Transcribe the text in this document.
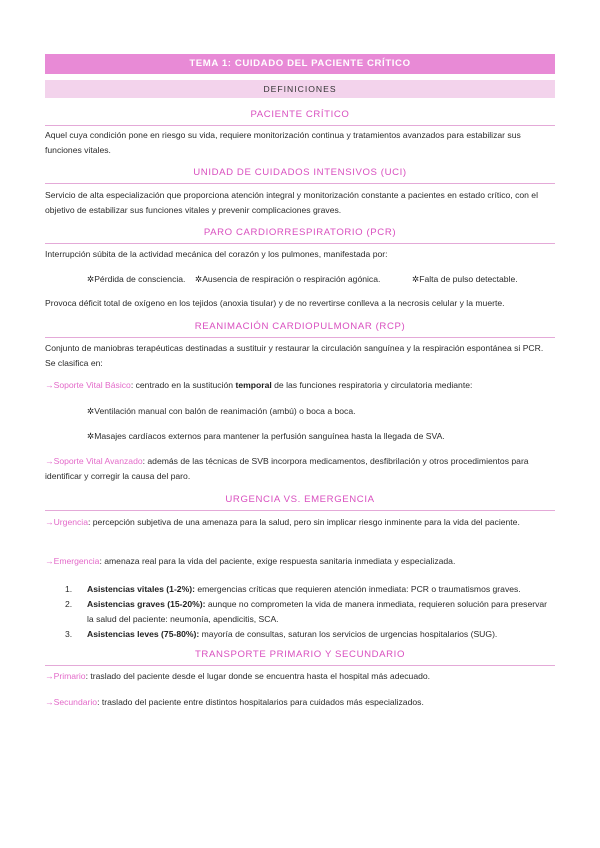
TEMA 1: CUIDADO DEL PACIENTE CRÍTICO
DEFINICIONES
PACIENTE CRÍTICO
Aquel cuya condición pone en riesgo su vida, requiere monitorización continua y tratamientos avanzados para estabilizar sus funciones vitales.
UNIDAD DE CUIDADOS INTENSIVOS (UCI)
Servicio de alta especialización que proporciona atención integral y monitorización constante a pacientes en estado crítico, con el objetivo de estabilizar sus funciones vitales y prevenir complicaciones graves.
PARO CARDIORRESPIRATORIO (PCR)
Interrupción súbita de la actividad mecánica del corazón y los pulmones, manifestada por:
✲Pérdida de consciencia. ✲Ausencia de respiración o respiración agónica.	✲Falta de pulso detectable.
Provoca déficit total de oxígeno en los tejidos (anoxia tisular) y de no revertirse conlleva a la necrosis celular y la muerte.
REANIMACIÓN CARDIOPULMONAR (RCP)
Conjunto de maniobras terapéuticas destinadas a sustituir y restaurar la circulación sanguínea y la respiración espontánea si PCR. Se clasifica en:
→Soporte Vital Básico: centrado en la sustitución temporal de las funciones respiratoria y circulatoria mediante:
✲Ventilación manual con balón de reanimación (ambú) o boca a boca.
✲Masajes cardíacos externos para mantener la perfusión sanguínea hasta la llegada de SVA.
→Soporte Vital Avanzado: además de las técnicas de SVB incorpora medicamentos, desfibrilación y otros procedimientos para identificar y corregir la causa del paro.
URGENCIA VS. EMERGENCIA
→Urgencia: percepción subjetiva de una amenaza para la salud, pero sin implicar riesgo inminente para la vida del paciente.
→Emergencia: amenaza real para la vida del paciente, exige respuesta sanitaria inmediata y especializada.
1. Asistencias vitales (1-2%): emergencias críticas que requieren atención inmediata: PCR o traumatismos graves.
2. Asistencias graves (15-20%): aunque no comprometen la vida de manera inmediata, requieren solución para preservar la salud del paciente: neumonía, apendicitis, SCA.
3. Asistencias leves (75-80%): mayoría de consultas, saturan los servicios de urgencias hospitalarios (SUG).
TRANSPORTE PRIMARIO Y SECUNDARIO
→Primario: traslado del paciente desde el lugar donde se encuentra hasta el hospital más adecuado.
→Secundario: traslado del paciente entre distintos hospitalarios para cuidados más especializados.
